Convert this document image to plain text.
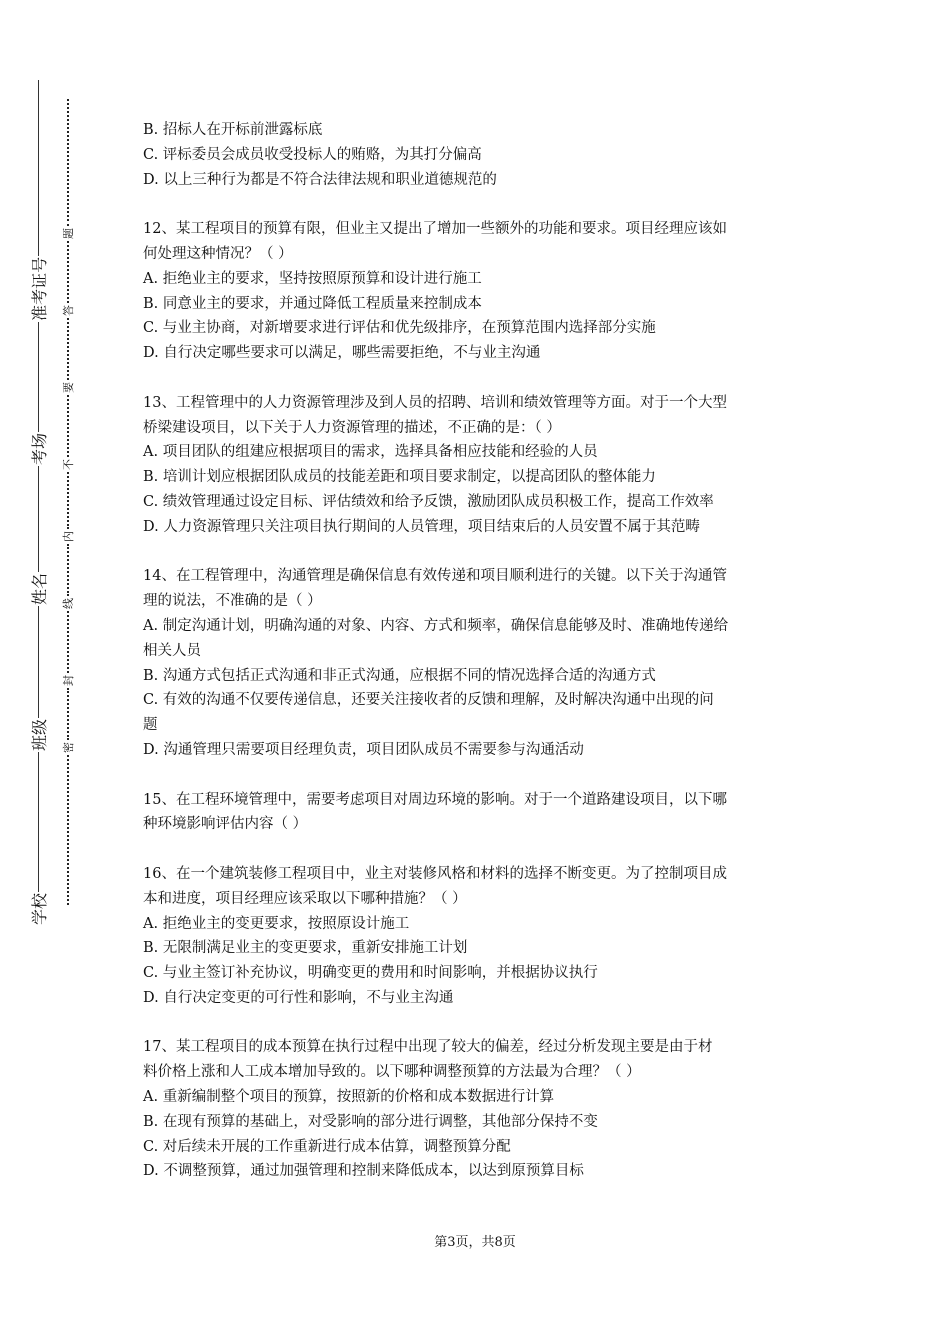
学校
班级
姓名
考场
准考证号
密
封
线
内
不
要
答
题
B. 招标人在开标前泄露标底
C. 评标委员会成员收受投标人的贿赂，为其打分偏高
D. 以上三种行为都是不符合法律法规和职业道德规范的
12、某工程项目的预算有限，但业主又提出了增加一些额外的功能和要求。项目经理应该如
何处理这种情况？（ ）
A. 拒绝业主的要求，坚持按照原预算和设计进行施工
B. 同意业主的要求，并通过降低工程质量来控制成本
C. 与业主协商，对新增要求进行评估和优先级排序，在预算范围内选择部分实施
D. 自行决定哪些要求可以满足，哪些需要拒绝，不与业主沟通
13、工程管理中的人力资源管理涉及到人员的招聘、培训和绩效管理等方面。对于一个大型
桥梁建设项目，以下关于人力资源管理的描述，不正确的是：（ ）
A. 项目团队的组建应根据项目的需求，选择具备相应技能和经验的人员
B. 培训计划应根据团队成员的技能差距和项目要求制定，以提高团队的整体能力
C. 绩效管理通过设定目标、评估绩效和给予反馈，激励团队成员积极工作，提高工作效率
D. 人力资源管理只关注项目执行期间的人员管理，项目结束后的人员安置不属于其范畴
14、在工程管理中，沟通管理是确保信息有效传递和项目顺利进行的关键。以下关于沟通管
理的说法，不准确的是（ ）
A. 制定沟通计划，明确沟通的对象、内容、方式和频率，确保信息能够及时、准确地传递给
相关人员
B. 沟通方式包括正式沟通和非正式沟通，应根据不同的情况选择合适的沟通方式
C. 有效的沟通不仅要传递信息，还要关注接收者的反馈和理解，及时解决沟通中出现的问
题
D. 沟通管理只需要项目经理负责，项目团队成员不需要参与沟通活动
15、在工程环境管理中，需要考虑项目对周边环境的影响。对于一个道路建设项目，以下哪
种环境影响评估内容（ ）
16、在一个建筑装修工程项目中，业主对装修风格和材料的选择不断变更。为了控制项目成
本和进度，项目经理应该采取以下哪种措施？（ ）
A. 拒绝业主的变更要求，按照原设计施工
B. 无限制满足业主的变更要求，重新安排施工计划
C. 与业主签订补充协议，明确变更的费用和时间影响，并根据协议执行
D. 自行决定变更的可行性和影响，不与业主沟通
17、某工程项目的成本预算在执行过程中出现了较大的偏差，经过分析发现主要是由于材
料价格上涨和人工成本增加导致的。以下哪种调整预算的方法最为合理？（ ）
A. 重新编制整个项目的预算，按照新的价格和成本数据进行计算
B. 在现有预算的基础上，对受影响的部分进行调整，其他部分保持不变
C. 对后续未开展的工作重新进行成本估算，调整预算分配
D. 不调整预算，通过加强管理和控制来降低成本，以达到原预算目标
第3页，共8页
